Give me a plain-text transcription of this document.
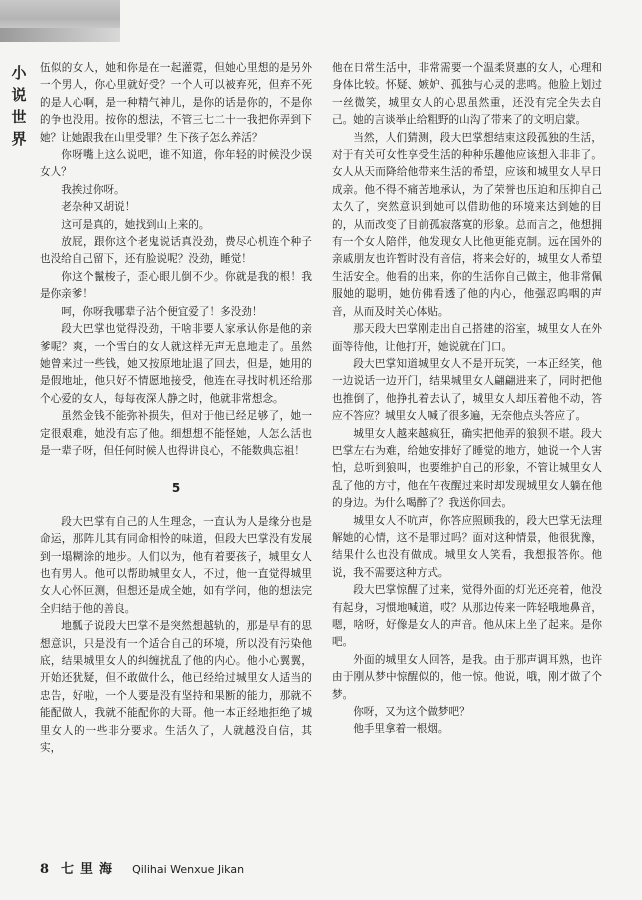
小
说
世
界

伍似的女人，她和你是在一起灌霓，但她心里想的是另外一个男人，你心里就好受？一个人可以被弃死，但弃不死的是人心啊，是一种精气神儿，是你的话是你的，不是你的争也没用。按你的想法，不管三七二十一我把你弄到下她？让她跟我在山里受罪？生下孩子怎么养活？

你呀嘴上这么说吧，谁不知道，你年轻的时候没少误女人？

我挨过你呀。

老杂种又胡说！

这可是真的，她找到山上来的。

放屁，跟你这个老鬼说话真没劲，费尽心机连个种子也没给自己留下，还有脸说呢？没劲，睡觉！

你这个鬣梭子，歪心眼儿倒不少。你就是我的根！我是你亲爹！

呵，你呀我哪辈子沾个便宜爱了！多没劲！

段大巴掌也觉得没劲，干啥非要人家承认你是他的亲爹呢？爽，一个雪白的女人就这样无声无息地走了。虽然她曾来过一些钱，她又按原地址退了回去，但是，她用的是假地址，他只好不情愿地接受，他连在寻找时机还给那个心爱的女人，每每夜深人静之时，他就非常想念。

虽然金钱不能弥补损失，但对于他已经足够了，她一定很艰难，她没有忘了他。细想想不能怪她，人怎么活也是一辈子呀，但任何时候人也得讲良心，不能数典忘祖！

5

段大巴掌有自己的人生理念，一直认为人是缘分也是命运，那阵儿其有同命相怜的味道，但段大巴掌没有发展到一塌糊涂的地步。人们以为，他有着要孩子，城里女人也有男人。他可以帮助城里女人，不过，他一直觉得城里女人心怀叵测，但想还是成全她，如有学问，他的想法完全归结于他的善良。

地瓢子说段大巴掌不是突然想越轨的，那是早有的思想意识，只是没有一个适合自己的环境，所以没有污染他底，结果城里女人的纠缠扰乱了他的内心。他小心翼翼，开始还犹疑，但不敢做什么，他已经给过城里女人适当的忠告，好啦，一个人要是没有坚持和果断的能力，那就不能配做人，我就不能配你的大哥。他一本正经地拒绝了城里女人的一些非分要求。生活久了，人就越没自信，其实，

他在日常生活中，非常需要一个温柔贤惠的女人，心理和身体比较。怀疑、嫉妒、孤独与心灵的悲鸣。他脸上划过一丝微笑，城里女人的心思虽然重，还没有完全失去自己。她的言谈举止给粗野的山沟了带来了的文明启蒙。

当然，人们猜测，段大巴掌想结束这段孤独的生活，对于有关可女性享受生活的种种乐趣他应该想入非非了。女人从天而降给他带来生活的希望，应该和城里女人早日成亲。他不得不痛苦地承认，为了荣誉也压迫和压抑自己太久了，突然意识到她可以借助他的环境来达到她的目的，从而改变了目前孤寂落寞的形象。总而言之，他想拥有一个女人陪伴，他发现女人比他更能克制。远在国外的亲戚朋友也许暂时没有音信，将来会好的，城里女人希望生活安全。他看的出来，你的生活你自己做主，他非常佩服她的聪明，她仿佛看透了他的内心，他强忍呜咽的声音，从而及时关心体贴。

那天段大巴掌刚走出自己搭建的浴室，城里女人在外面等待他，让他打开，她说就在门口。

段大巴掌知道城里女人不是开玩笑，一本正经笑，他一边说话一边开门，结果城里女人翩翩进来了，同时把他也推倒了，他挣扎着去认了，城里女人却压着他不动，答应不答应？城里女人喊了很多遍，无奈他点头答应了。

城里女人越来越疯狂，确实把他弄的狼狈不堪。段大巴掌左右为难，给她安排好了睡觉的地方，她说一个人害怕，总听到狼叫，也要维护自己的形象，不管让城里女人乱了他的方寸，他在午夜醒过来时却发现城里女人躺在他的身边。为什么喝醉了？我送你回去。

城里女人不吭声，你答应照顾我的，段大巴掌无法理解她的心情，这不是罪过吗？面对这种情景，他很犹豫，结果什么也没有做成。城里女人笑看，我想报答你。他说，我不需要这种方式。

段大巴掌惊醒了过来，觉得外面的灯光还亮着，他没有起身，习惯地喊道，哎？从那边传来一阵轻哦地鼻音，嗯，啥呀，好像是女人的声音。他从床上坐了起来。是你吧。

外面的城里女人回答，是我。由于那声调耳熟，也许由于刚从梦中惊醒似的，他一惊。他说，哦，刚才做了个梦。

你呀，又为这个做梦吧？

他手里拿着一根烟。

8 七里海 Qilihai Wenxue Jikan
